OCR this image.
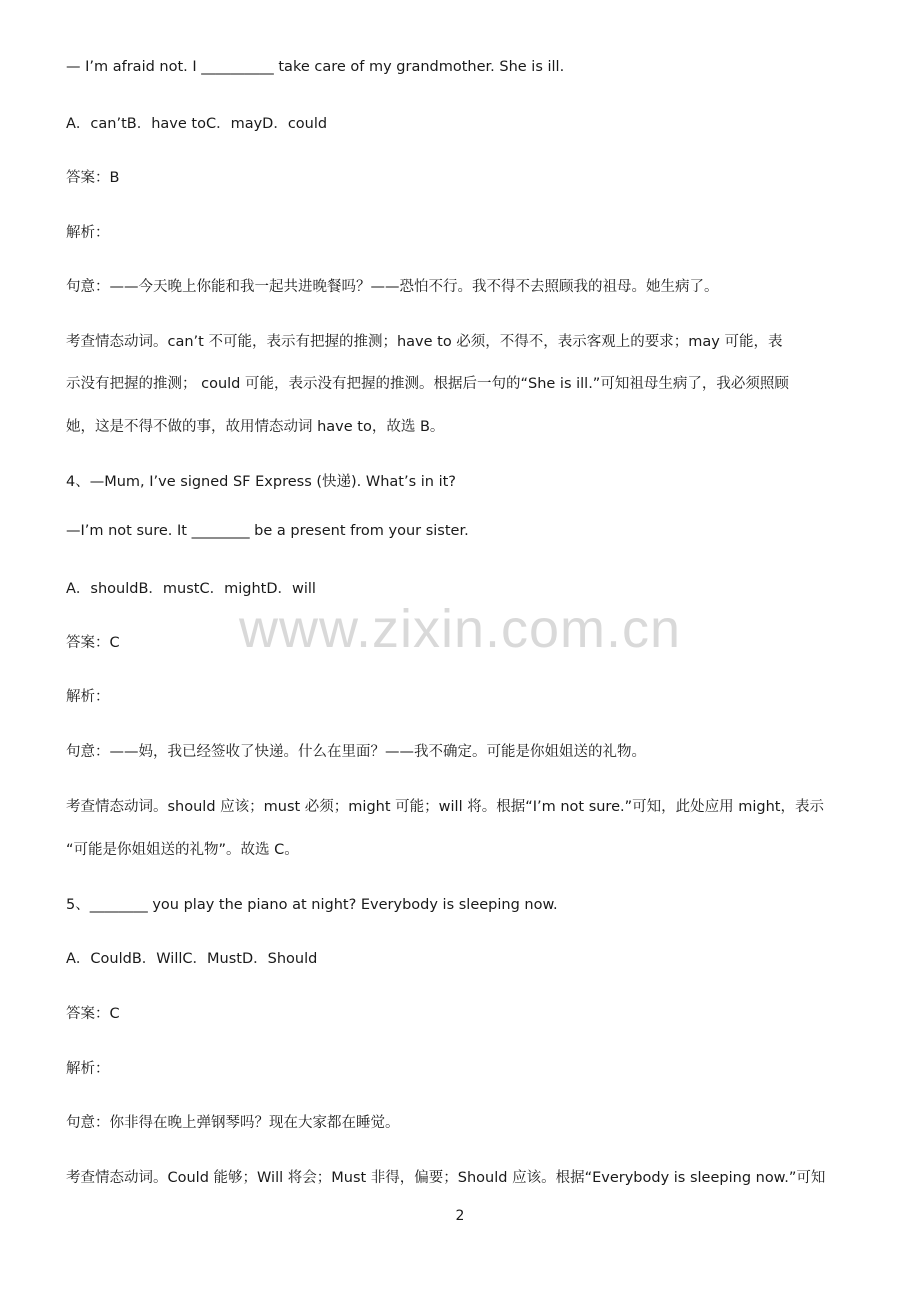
www.zixin.com.cn
— I’m afraid not. I __________ take care of my grandmother. She is ill.
A．can’tB．have toC．mayD．could
答案：B
解析：
句意：——今天晚上你能和我一起共进晚餐吗？——恐怕不行。我不得不去照顾我的祖母。她生病了。
考查情态动词。can’t 不可能，表示有把握的推测；have to 必须，不得不，表示客观上的要求；may 可能，表
示没有把握的推测； could 可能，表示没有把握的推测。根据后一句的“She is ill.”可知祖母生病了，我必须照顾
她，这是不得不做的事，故用情态动词 have to，故选 B。
4、—Mum, I’ve signed SF Express (快递). What’s in it?
—I’m not sure. It ________ be a present from your sister.
A．shouldB．mustC．mightD．will
答案：C
解析：
句意：——妈，我已经签收了快递。什么在里面？——我不确定。可能是你姐姐送的礼物。
考查情态动词。should 应该；must 必须；might 可能；will 将。根据“I’m not sure.”可知，此处应用 might，表示
“可能是你姐姐送的礼物”。故选 C。
5、________ you play the piano at night? Everybody is sleeping now.
A．CouldB．WillC．MustD．Should
答案：C
解析：
句意：你非得在晚上弹钢琴吗？现在大家都在睡觉。
考查情态动词。Could 能够；Will 将会；Must 非得，偏要；Should 应该。根据“Everybody is sleeping now.”可知
2
